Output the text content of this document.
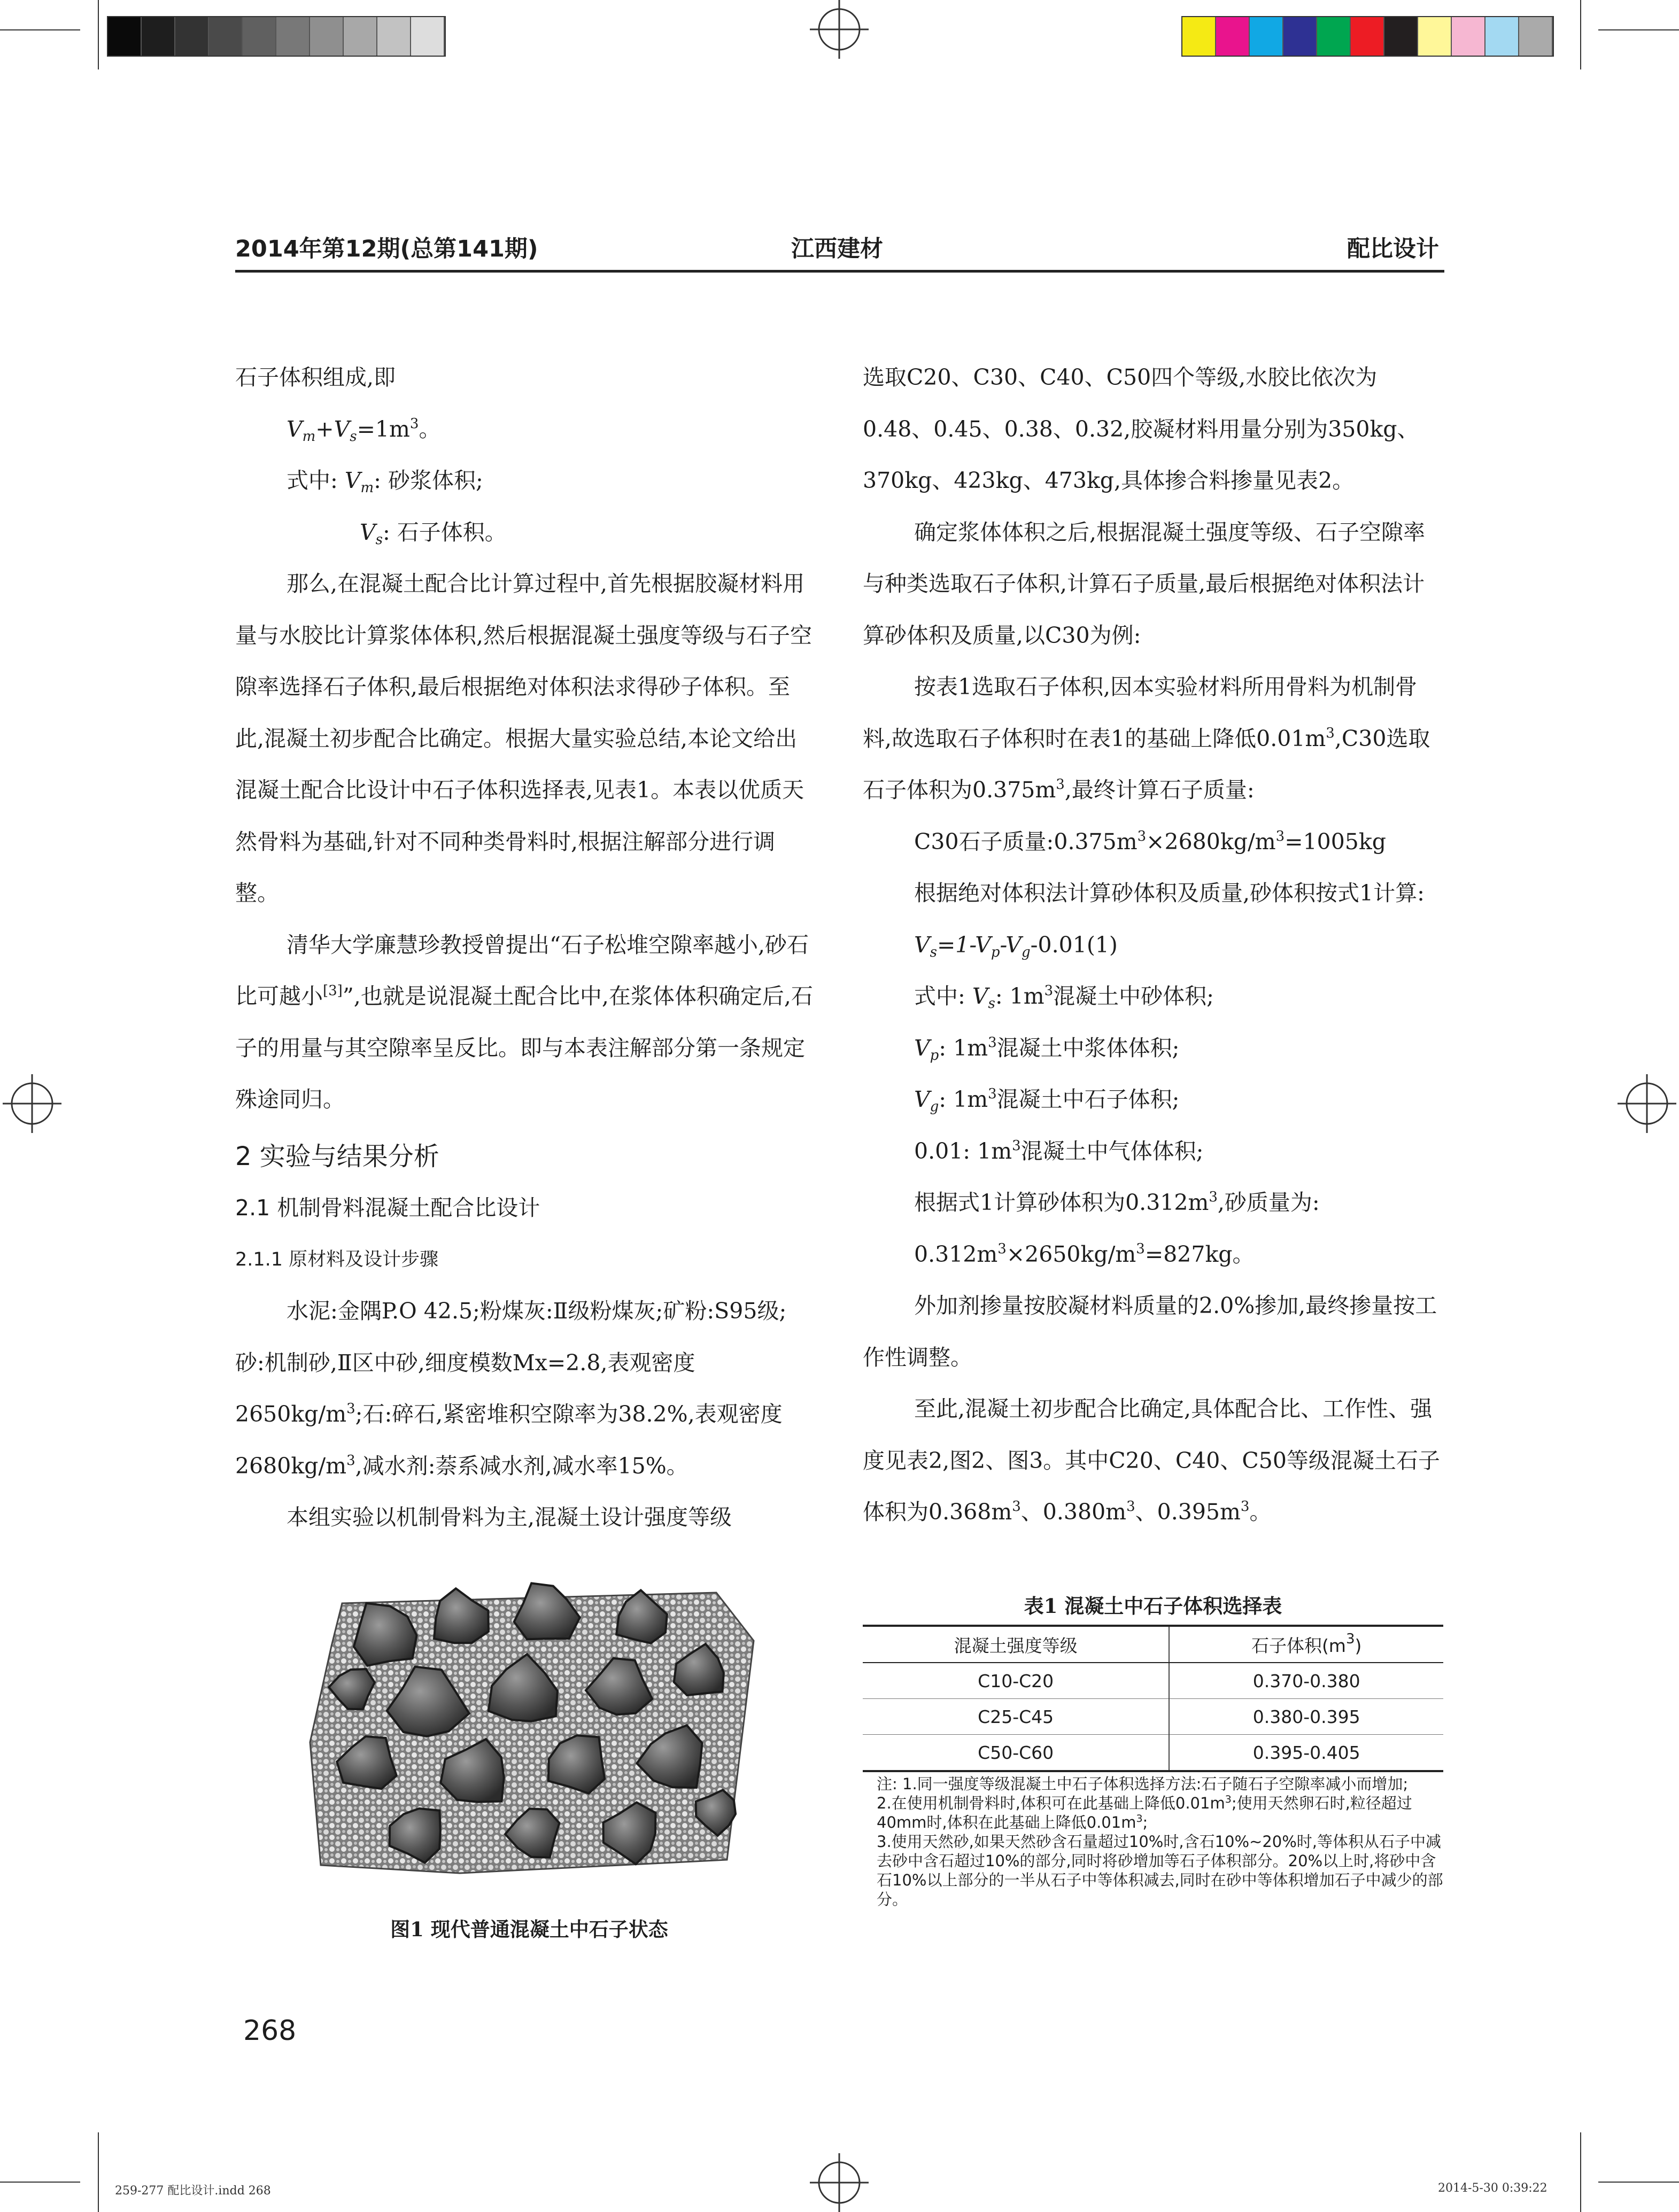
2014年第12期(总第141期)	江西建材	配比设计

石子体积组成,即

$V_m+V_s=1m^3$。

式中: $V_m$: 砂浆体积;

$V_s$: 石子体积。

那么,在混凝土配合比计算过程中,首先根据胶凝材料用量与水胶比计算浆体体积,然后根据混凝土强度等级与石子空隙率选择石子体积,最后根据绝对体积法求得砂子体积。至此,混凝土初步配合比确定。根据大量实验总结,本论文给出混凝土配合比设计中石子体积选择表,见表1。本表以优质天然骨料为基础,针对不同种类骨料时,根据注解部分进行调整。

清华大学廉慧珍教授曾提出“石子松堆空隙率越小,砂石比可越小[3]”,也就是说混凝土配合比中,在浆体体积确定后,石子的用量与其空隙率呈反比。即与本表注解部分第一条规定殊途同归。

2 实验与结果分析

2.1 机制骨料混凝土配合比设计

2.1.1 原材料及设计步骤

水泥:金隅P.O 42.5;粉煤灰:Ⅱ级粉煤灰;矿粉:S95级;砂:机制砂,Ⅱ区中砂,细度模数Mx=2.8,表观密度$2650kg/m^3$;石:碎石,紧密堆积空隙率为38.2%,表观密度$2680kg/m^3$,减水剂:萘系减水剂,减水率15%。

本组实验以机制骨料为主,混凝土设计强度等级

选取C20、C30、C40、C50四个等级,水胶比依次为0.48、0.45、0.38、0.32,胶凝材料用量分别为350kg、370kg、423kg、473kg,具体掺合料掺量见表2。

确定浆体体积之后,根据混凝土强度等级、石子空隙率与种类选取石子体积,计算石子质量,最后根据绝对体积法计算砂体积及质量,以C30为例:

按表1选取石子体积,因本实验材料所用骨料为机制骨料,故选取石子体积时在表1的基础上降低$0.01m^3,C30$选取石子体积为$0.375m^3$,最终计算石子质量:

C30石子质量$:0.375m^3\times 2680kg/m^3=1005kg$

根据绝对体积法计算砂体积及质量,砂体积按式1计算:

$V_s=1-V_p-V_g-0.01(1)$

式中: $V_s$: $1m^3$混凝土中砂体积;

$V_p$: $1m^3$混凝土中浆体体积;

$V_g$: $1m^3$混凝土中石子体积;

0.01: $1m^3$混凝土中气体体积;

根据式1计算砂体积为$0.312m^3$,砂质量为:

$0.312m^3\times 2650kg/m^3=827kg$。

外加剂掺量按胶凝材料质量的2.0%掺加,最终掺量按工作性调整。

至此,混凝土初步配合比确定,具体配合比、工作性、强度见表2,图2、图3。其中C20、C40、C50等级混凝土石子体积为$0.368m^3$、$0.380m^3$、$0.395m^3$。

图1 现代普通混凝土中石子状态
表1 混凝土中石子体积选择表
混凝土强度等级	石子体积$(m^3)$
C10-C20	0.370-0.380
C25-C45	0.380-0.395
C50-C60	0.395-0.405

注: 1.同一强度等级混凝土中石子体积选择方法:石子随石子空隙率减小而增加;

2.在使用机制骨料时,体积可在此基础上降低$0.01m^3$;使用天然卵石时,粒径超过40mm时,体积在此基础上降低$0.01m^3$;

3.使用天然砂,如果天然砂含石量超过10%时,含石10%~20%时,等体积从石子中减去砂中含石超过10%的部分,同时将砂增加等石子体积部分。20%以上时,将砂中含石10%以上部分的一半从石子中等体积减去,同时在砂中等体积增加石子中减少的部分。

268
259-277 配比设计.indd 268	2014-5-30 0:39:22
